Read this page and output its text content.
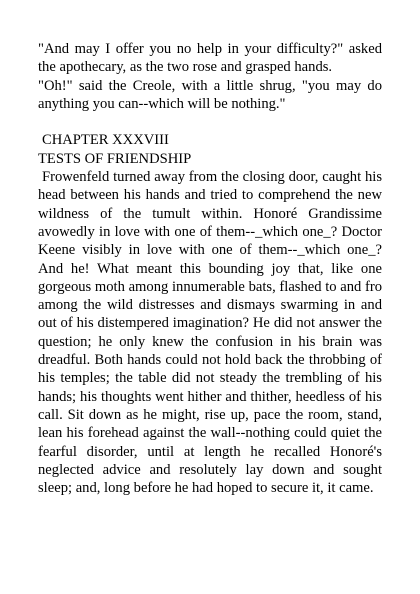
"And may I offer you no help in your difficulty?" asked the apothecary, as the two rose and grasped hands.

"Oh!" said the Creole, with a little shrug, "you may do anything you can--which will be nothing."

CHAPTER XXXVIII

TESTS OF FRIENDSHIP

Frowenfeld turned away from the closing door, caught his head between his hands and tried to comprehend the new wildness of the tumult within. Honoré Grandissime avowedly in love with one of them--_which one_? Doctor Keene visibly in love with one of them--_which one_? And he! What meant this bounding joy that, like one gorgeous moth among innumerable bats, flashed to and fro among the wild distresses and dismays swarming in and out of his distempered imagination? He did not answer the question; he only knew the confusion in his brain was dreadful. Both hands could not hold back the throbbing of his temples; the table did not steady the trembling of his hands; his thoughts went hither and thither, heedless of his call. Sit down as he might, rise up, pace the room, stand, lean his forehead against the wall--nothing could quiet the fearful disorder, until at length he recalled Honoré's neglected advice and resolutely lay down and sought sleep; and, long before he had hoped to secure it, it came.
